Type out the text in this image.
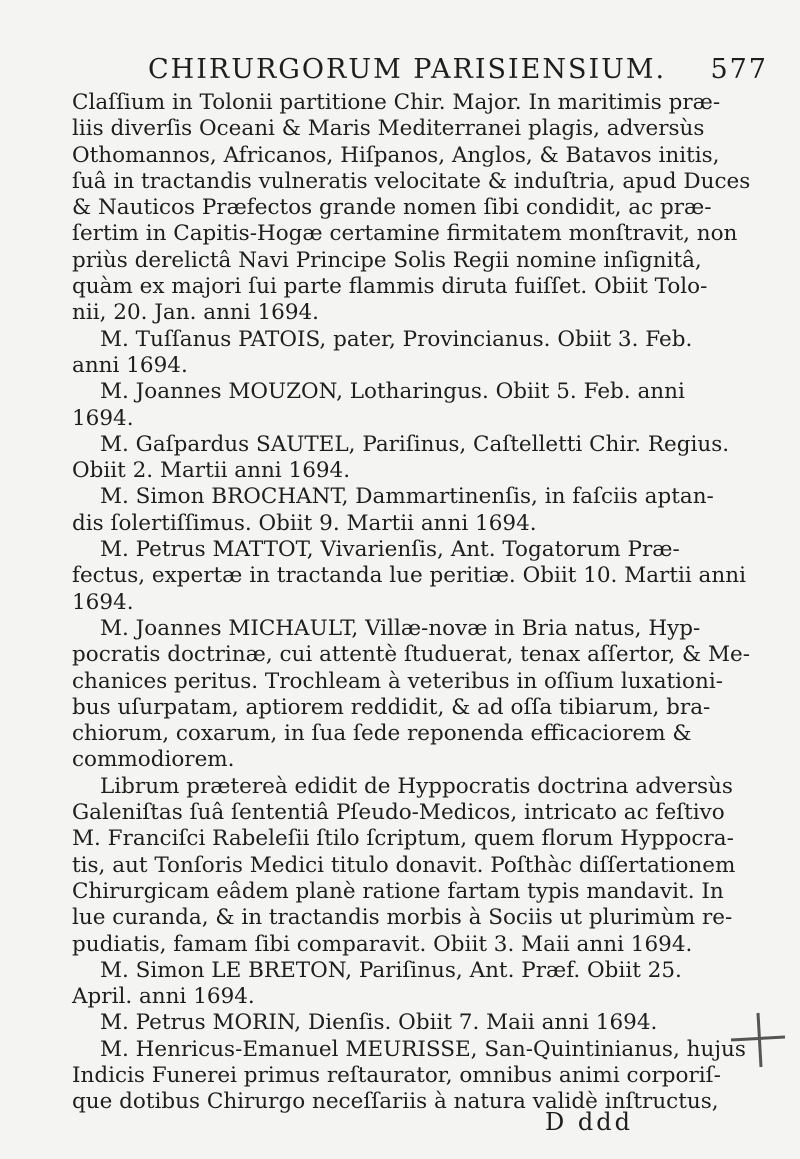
CHIRURGORUM PARISIENSIUM. 577
Claſſium in Tolonii partitione Chir. Major. In maritimis præ-
liis diverſis Oceani & Maris Mediterranei plagis, adversùs
Othomannos, Africanos, Hiſpanos, Anglos, & Batavos initis,
ſuâ in tractandis vulneratis velocitate & induſtria, apud Duces
& Nauticos Præfectos grande nomen ſibi condidit, ac præ-
ſertim in Capitis-Hogæ certamine firmitatem monſtravit, non
priùs derelictâ Navi Principe Solis Regii nomine inſignitâ,
quàm ex majori ſui parte flammis diruta fuiſſet. Obiit Tolo-
nii, 20. Jan. anni 1694.
M. Tuſſanus PATOIS, pater, Provincianus. Obiit 3. Feb.
anni 1694.
M. Joannes MOUZON, Lotharingus. Obiit 5. Feb. anni
1694.
M. Gaſpardus SAUTEL, Pariſinus, Caſtelletti Chir. Regius.
Obiit 2. Martii anni 1694.
M. Simon BROCHANT, Dammartinenſis, in faſciis aptan-
dis ſolertiſſimus. Obiit 9. Martii anni 1694.
M. Petrus MATTOT, Vivarienſis, Ant. Togatorum Præ-
fectus, expertæ in tractanda lue peritiæ. Obiit 10. Martii anni
1694.
M. Joannes MICHAULT, Villæ-novæ in Bria natus, Hyp-
pocratis doctrinæ, cui attentè ſtuduerat, tenax aſſertor, & Me-
chanices peritus. Trochleam à veteribus in oſſium luxationi-
bus uſurpatam, aptiorem reddidit, & ad oſſa tibiarum, bra-
chiorum, coxarum, in ſua ſede reponenda efficaciorem &
commodiorem.
Librum prætereà edidit de Hyppocratis doctrina adversùs
Galeniſtas ſuâ ſententiâ Pſeudo-Medicos, intricato ac feſtivo
M. Franciſci Rabeleſii ſtilo ſcriptum, quem florum Hyppocra-
tis, aut Tonſoris Medici titulo donavit. Poſthàc diſſertationem
Chirurgicam eâdem planè ratione fartam typis mandavit. In
lue curanda, & in tractandis morbis à Sociis ut plurimùm re-
pudiatis, famam ſibi comparavit. Obiit 3. Maii anni 1694.
M. Simon LE BRETON, Pariſinus, Ant. Præf. Obiit 25.
April. anni 1694.
M. Petrus MORIN, Dienſis. Obiit 7. Maii anni 1694.
M. Henricus-Emanuel MEURISSE, San-Quintinianus, hujus
Indicis Funerei primus reſtaurator, omnibus animi corporiſ-
que dotibus Chirurgo neceſſariis à natura validè inſtructus,
D ddd
